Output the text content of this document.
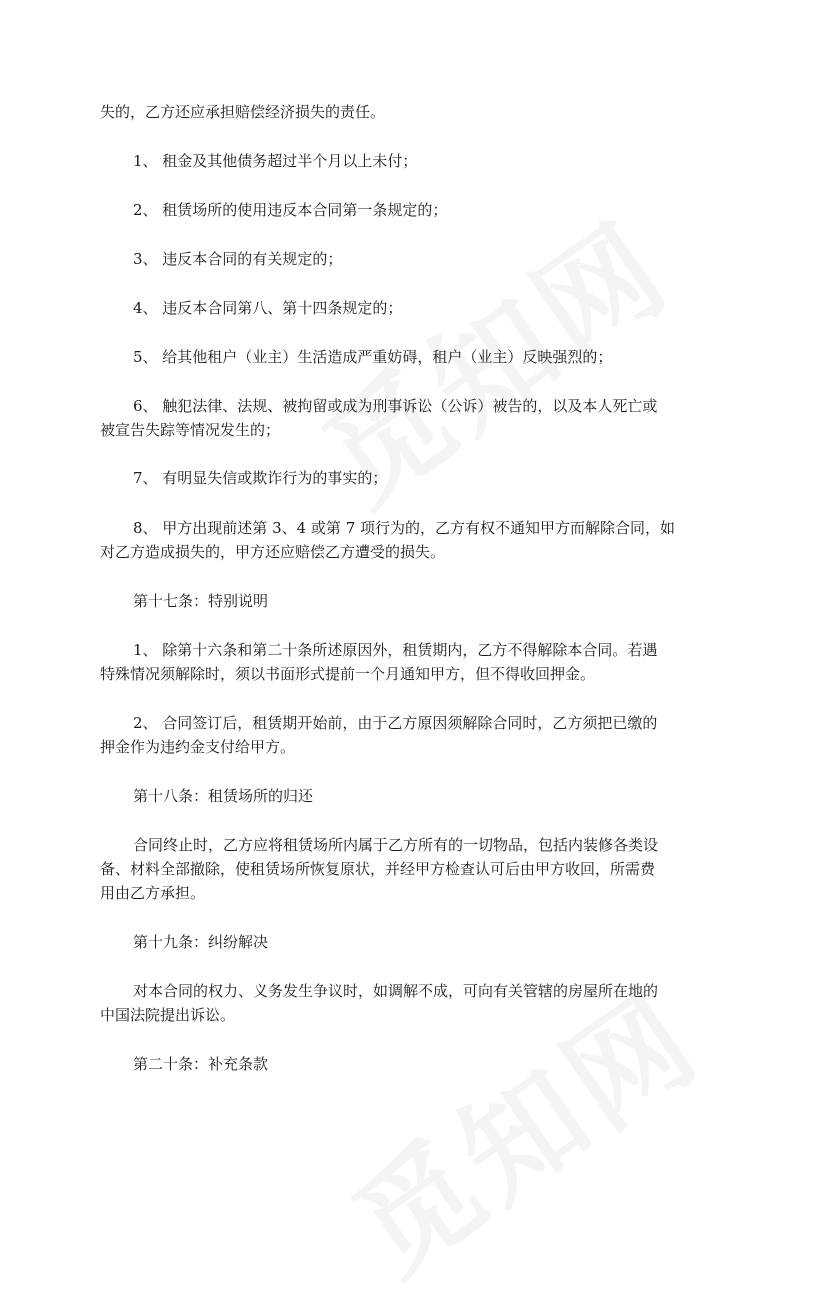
失的，乙方还应承担赔偿经济损失的责任。
1、 租金及其他债务超过半个月以上未付；
2、 租赁场所的使用违反本合同第一条规定的；
3、 违反本合同的有关规定的；
4、 违反本合同第八、第十四条规定的；
5、 给其他租户（业主）生活造成严重妨碍，租户（业主）反映强烈的；
6、 触犯法律、法规、被拘留或成为刑事诉讼（公诉）被告的，以及本人死亡或
被宣告失踪等情况发生的；
7、 有明显失信或欺诈行为的事实的；
8、 甲方出现前述第 3、4 或第 7 项行为的，乙方有权不通知甲方而解除合同，如
对乙方造成损失的，甲方还应赔偿乙方遭受的损失。
第十七条：特别说明
1、 除第十六条和第二十条所述原因外，租赁期内，乙方不得解除本合同。若遇
特殊情况须解除时，须以书面形式提前一个月通知甲方，但不得收回押金。
2、 合同签订后，租赁期开始前，由于乙方原因须解除合同时，乙方须把已缴的
押金作为违约金支付给甲方。
第十八条：租赁场所的归还
合同终止时，乙方应将租赁场所内属于乙方所有的一切物品，包括内装修各类设
备、材料全部撤除，使租赁场所恢复原状，并经甲方检查认可后由甲方收回，所需费
用由乙方承担。
第十九条：纠纷解决
对本合同的权力、义务发生争议时，如调解不成，可向有关管辖的房屋所在地的
中国法院提出诉讼。
第二十条：补充条款
